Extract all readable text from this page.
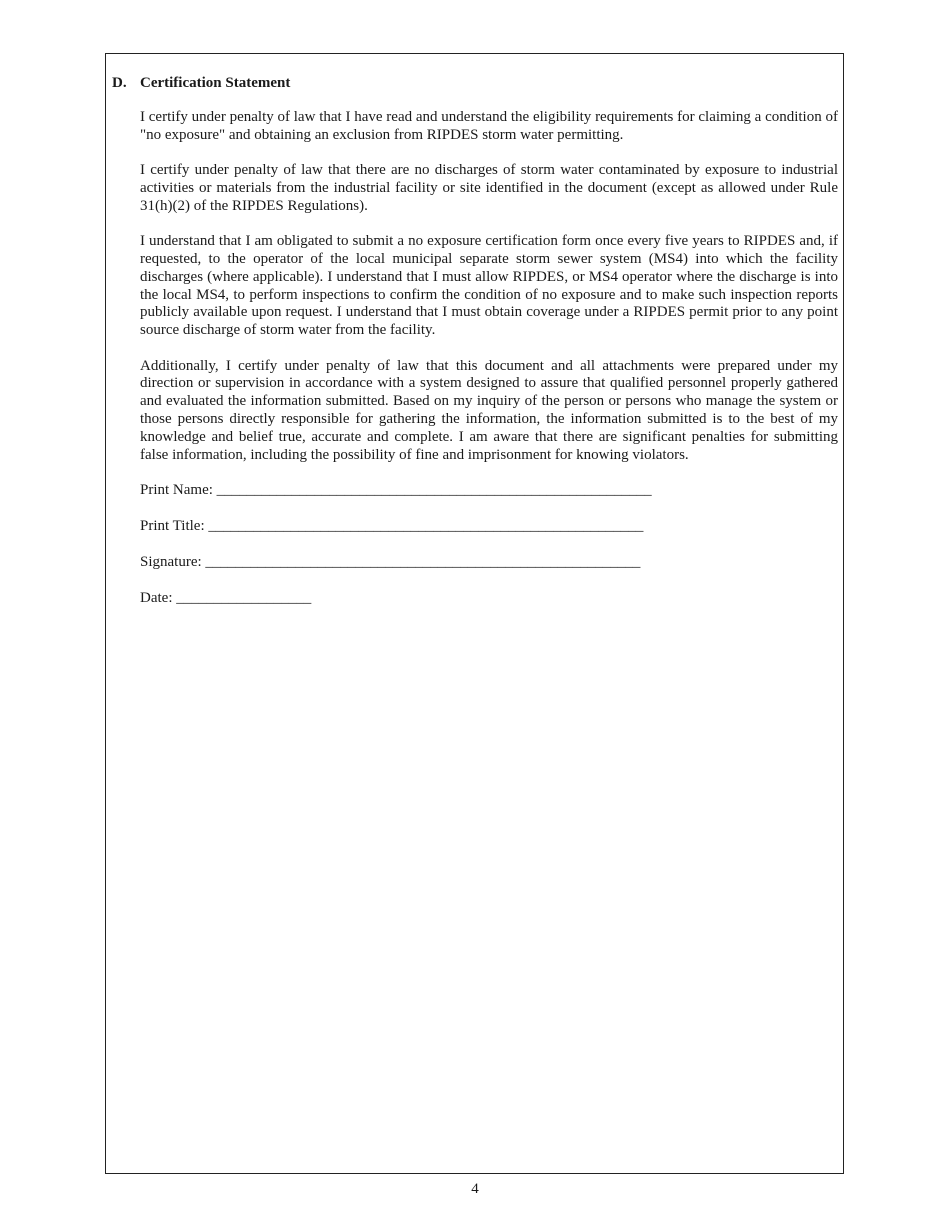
D. Certification Statement

I certify under penalty of law that I have read and understand the eligibility requirements for claiming a condition of "no exposure" and obtaining an exclusion from RIPDES storm water permitting.

I certify under penalty of law that there are no discharges of storm water contaminated by exposure to industrial activities or materials from the industrial facility or site identified in the document (except as allowed under Rule 31(h)(2) of the RIPDES Regulations).

I understand that I am obligated to submit a no exposure certification form once every five years to RIPDES and, if requested, to the operator of the local municipal separate storm sewer system (MS4) into which the facility discharges (where applicable). I understand that I must allow RIPDES, or MS4 operator where the discharge is into the local MS4, to perform inspections to confirm the condition of no exposure and to make such inspection reports publicly available upon request. I understand that I must obtain coverage under a RIPDES permit prior to any point source discharge of storm water from the facility.

Additionally, I certify under penalty of law that this document and all attachments were prepared under my direction or supervision in accordance with a system designed to assure that qualified personnel properly gathered and evaluated the information submitted. Based on my inquiry of the person or persons who manage the system or those persons directly responsible for gathering the information, the information submitted is to the best of my knowledge and belief true, accurate and complete. I am aware that there are significant penalties for submitting false information, including the possibility of fine and imprisonment for knowing violators.

Print Name: __________________________________________________________
Print Title: __________________________________________________________
Signature: __________________________________________________________
Date: __________________
4
